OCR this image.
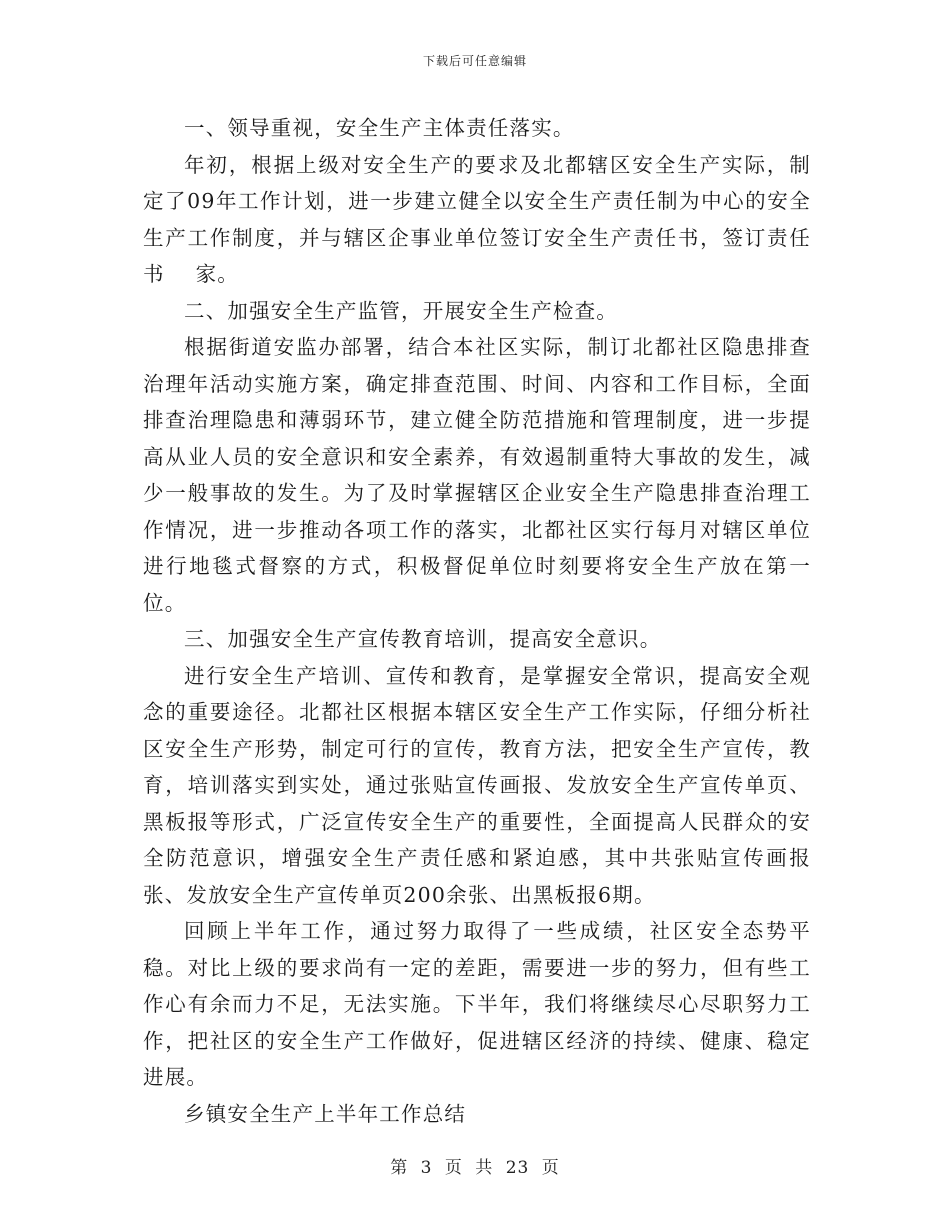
下载后可任意编辑

一、领导重视，安全生产主体责任落实。

年初，根据上级对安全生产的要求及北都辖区安全生产实际，制定了09年工作计划，进一步建立健全以安全生产责任制为中心的安全生产工作制度，并与辖区企事业单位签订安全生产责任书，签订责任书    家。

二、加强安全生产监管，开展安全生产检查。

根据街道安监办部署，结合本社区实际，制订北都社区隐患排查治理年活动实施方案，确定排查范围、时间、内容和工作目标，全面排查治理隐患和薄弱环节，建立健全防范措施和管理制度，进一步提高从业人员的安全意识和安全素养，有效遏制重特大事故的发生，减少一般事故的发生。为了及时掌握辖区企业安全生产隐患排查治理工作情况，进一步推动各项工作的落实，北都社区实行每月对辖区单位进行地毯式督察的方式，积极督促单位时刻要将安全生产放在第一位。

三、加强安全生产宣传教育培训，提高安全意识。

进行安全生产培训、宣传和教育，是掌握安全常识，提高安全观念的重要途径。北都社区根据本辖区安全生产工作实际，仔细分析社区安全生产形势，制定可行的宣传，教育方法，把安全生产宣传，教育，培训落实到实处，通过张贴宣传画报、发放安全生产宣传单页、黑板报等形式，广泛宣传安全生产的重要性，全面提高人民群众的安全防范意识，增强安全生产责任感和紧迫感，其中共张贴宣传画报张、发放安全生产宣传单页200余张、出黑板报6期。

回顾上半年工作，通过努力取得了一些成绩，社区安全态势平稳。对比上级的要求尚有一定的差距，需要进一步的努力，但有些工作心有余而力不足，无法实施。下半年，我们将继续尽心尽职努力工作，把社区的安全生产工作做好，促进辖区经济的持续、健康、稳定进展。

乡镇安全生产上半年工作总结

第 3 页 共 23 页
